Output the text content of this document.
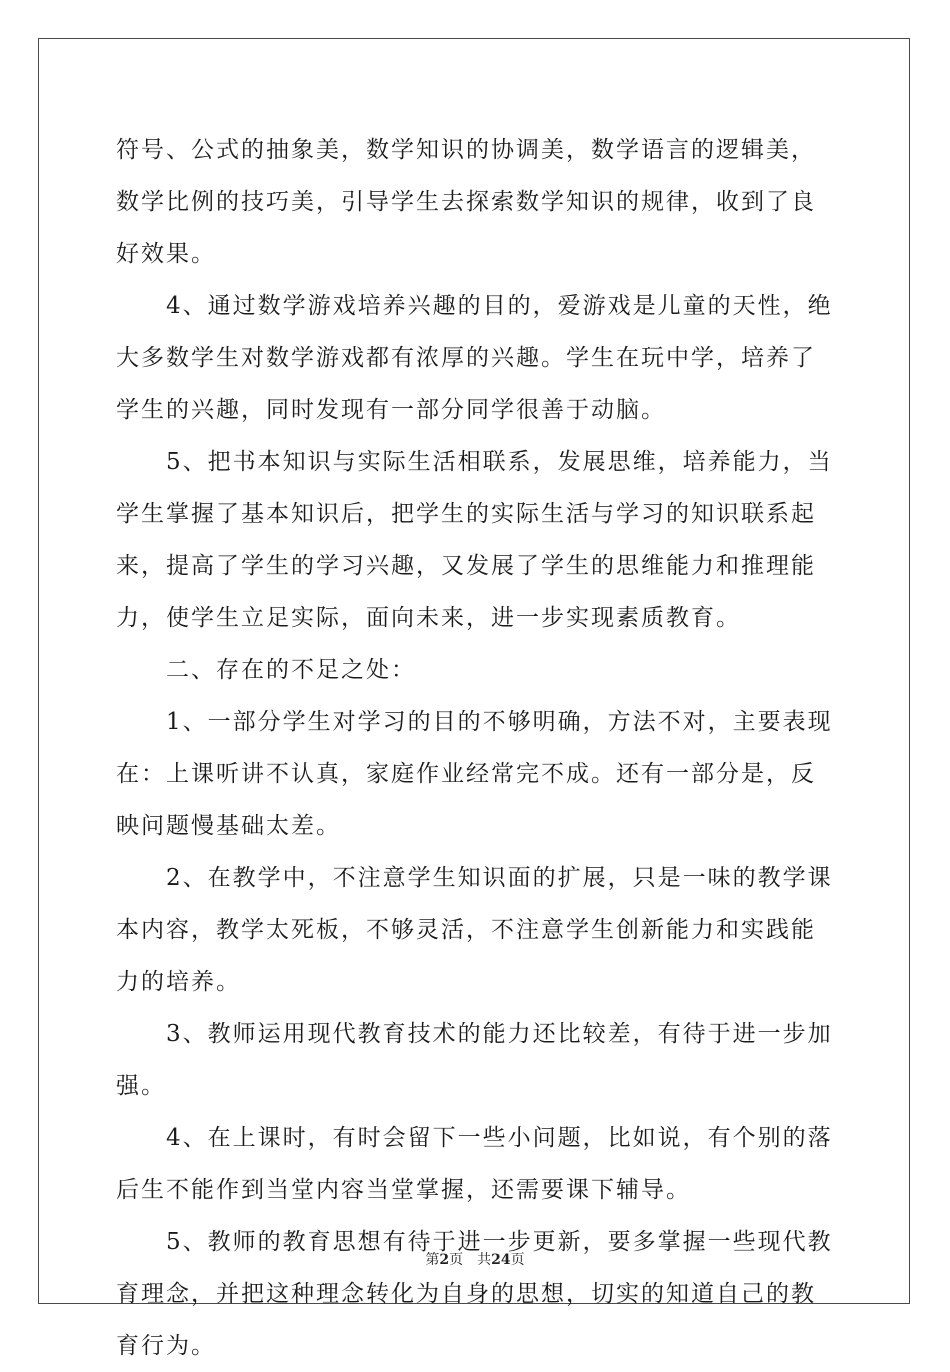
符号、公式的抽象美，数学知识的协调美，数学语言的逻辑美，数学比例的技巧美，引导学生去探索数学知识的规律，收到了良好效果。

4、通过数学游戏培养兴趣的目的，爱游戏是儿童的天性，绝大多数学生对数学游戏都有浓厚的兴趣。学生在玩中学，培养了学生的兴趣，同时发现有一部分同学很善于动脑。

5、把书本知识与实际生活相联系，发展思维，培养能力，当学生掌握了基本知识后，把学生的实际生活与学习的知识联系起来，提高了学生的学习兴趣，又发展了学生的思维能力和推理能力，使学生立足实际，面向未来，进一步实现素质教育。

二、存在的不足之处：

1、一部分学生对学习的目的不够明确，方法不对，主要表现在：上课听讲不认真，家庭作业经常完不成。还有一部分是，反映问题慢基础太差。

2、在教学中，不注意学生知识面的扩展，只是一味的教学课本内容，教学太死板，不够灵活，不注意学生创新能力和实践能力的培养。

3、教师运用现代教育技术的能力还比较差，有待于进一步加强。

4、在上课时，有时会留下一些小问题，比如说，有个别的落后生不能作到当堂内容当堂掌握，还需要课下辅导。

5、教师的教育思想有待于进一步更新，要多掌握一些现代教育理念，并把这种理念转化为自身的思想，切实的知道自己的教育行为。

第2页 共24页
